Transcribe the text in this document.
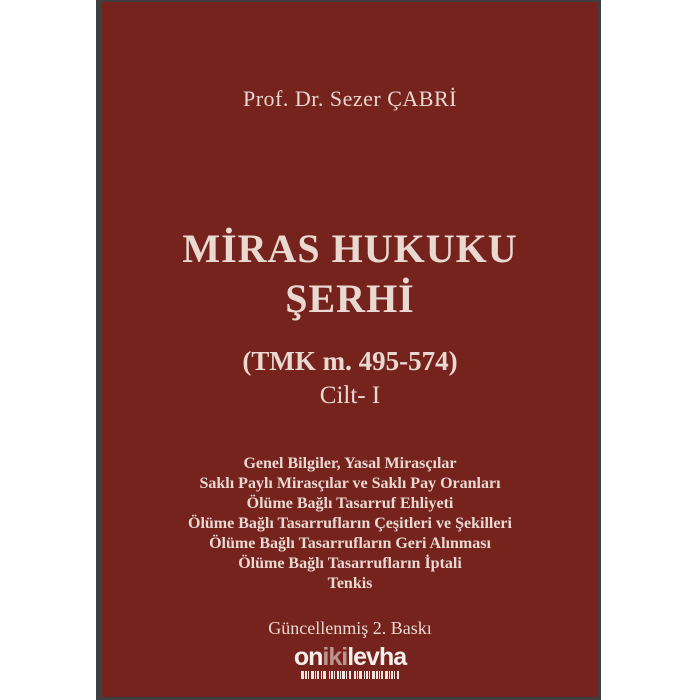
Prof. Dr. Sezer ÇABRİ
MİRAS HUKUKU
ŞERHİ
(TMK m. 495-574)
Cilt- I
Genel Bilgiler, Yasal Mirasçılar
Saklı Paylı Mirasçılar ve Saklı Pay Oranları
Ölüme Bağlı Tasarruf Ehliyeti
Ölüme Bağlı Tasarrufların Çeşitleri ve Şekilleri
Ölüme Bağlı Tasarrufların Geri Alınması
Ölüme Bağlı Tasarrufların İptali
Tenkis
Güncellenmiş 2. Baskı
onikilevha
